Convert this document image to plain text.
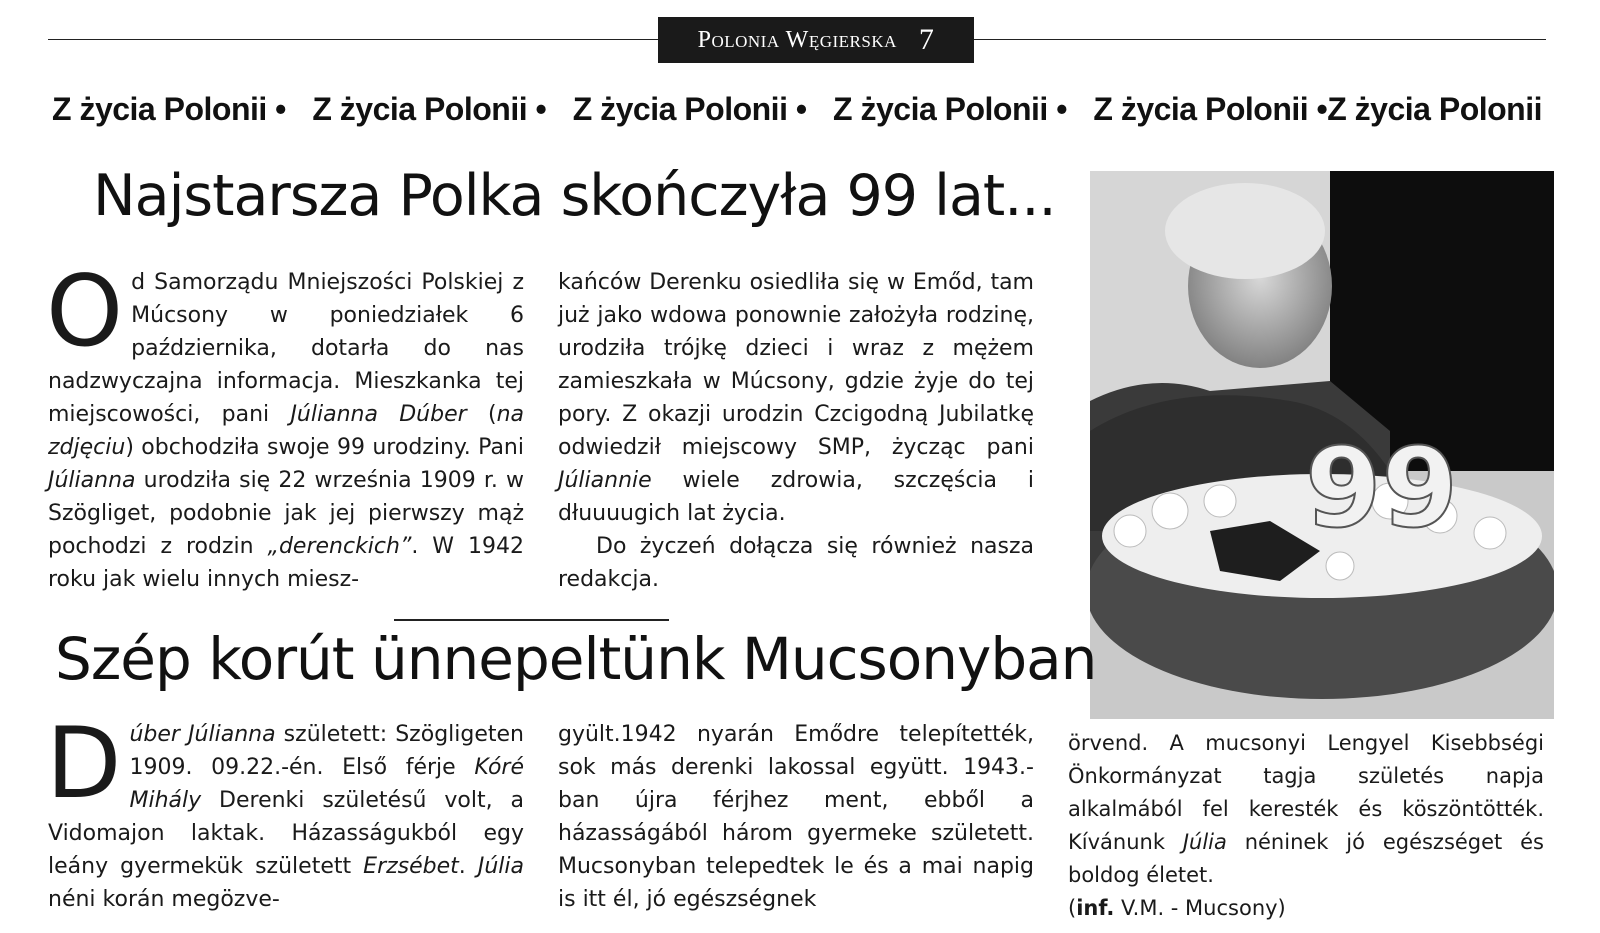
Polonia Węgierska 7
Z życia Polonii • Z życia Polonii • Z życia Polonii • Z życia Polonii • Z życia Polonii •Z życia Polonii
Najstarsza Polka skończyła 99 lat...

Od Samorządu Mniejszości Polskiej z Múcsony w poniedziałek 6 października, dotarła do nas nadzwyczajna informacja. Mieszkanka tej miejscowości, pani Júlianna Dúber (na zdjęciu) obchodziła swoje 99 urodziny. Pani Júlianna urodziła się 22 września 1909 r. w Szögliget, podobnie jak jej pierwszy mąż pochodzi z rodzin „derenckich”. W 1942 roku jak wielu innych miesz-

kańców Derenku osiedliła się w Emőd, tam już jako wdowa ponownie założyła rodzinę, urodziła trójkę dzieci i wraz z mężem zamieszkała w Múcsony, gdzie żyje do tej pory. Z okazji urodzin Czcigodną Jubilatkę odwiedził miejscowy SMP, życząc pani Júliannie wiele zdrowia, szczęścia i dłuuuugich lat życia.

Do życzeń dołącza się również nasza redakcja.

99
Szép korút ünnepeltünk Mucsonyban

Dúber Júlianna született: Szögligeten 1909. 09.22.-én. Első férje Kóré Mihály Derenki születésű volt, a Vidomajon laktak. Házasságukból egy leány gyermekük született Erzsébet. Júlia néni korán megözve-

gyült.1942 nyarán Emődre telepítették, sok más derenki lakossal együtt. 1943.-ban újra férjhez ment, ebből a házasságából három gyermeke született. Mucsonyban telepedtek le és a mai napig is itt él, jó egészségnek

örvend. A mucsonyi Lengyel Kisebbségi Önkormányzat tagja születés napja alkalmából fel keresték és köszöntötték. Kívánunk Júlia néninek jó egészséget és boldog életet.

(inf. V.M. - Mucsony)
